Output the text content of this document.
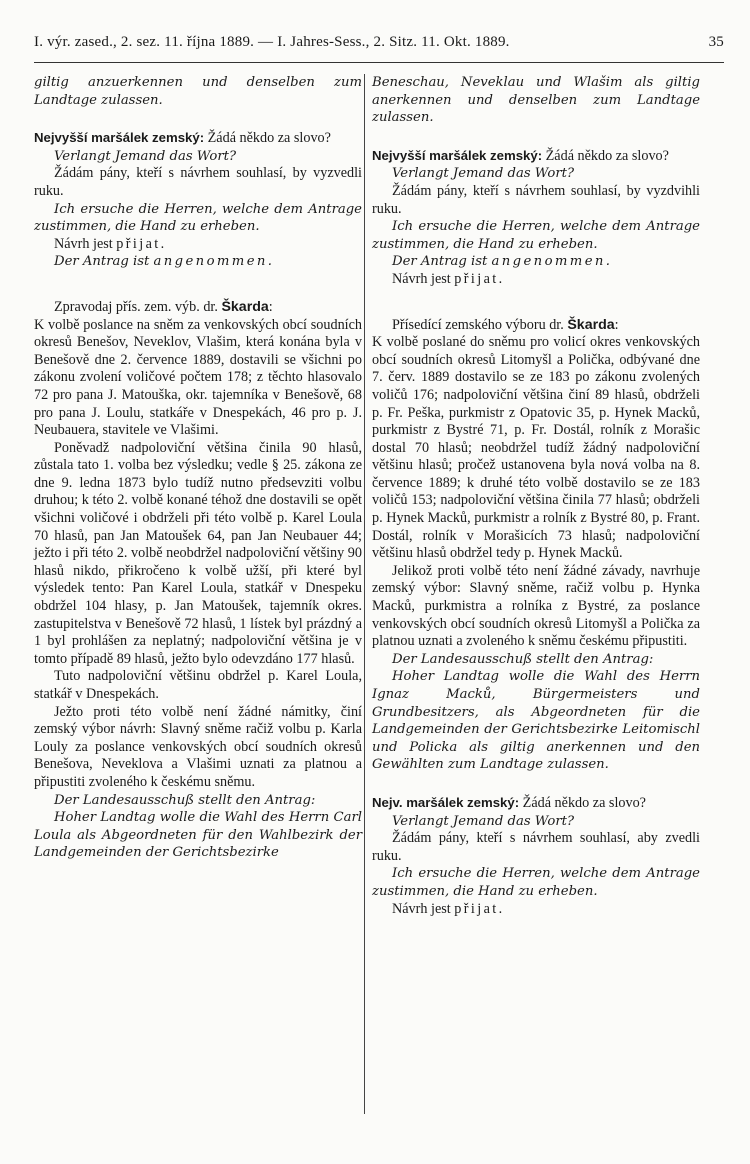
I. výr. zased., 2. sez. 11. října 1889. — I. Jahres-Sess., 2. Sitz. 11. Okt. 1889.	35

giltig anzuerkennen und denselben zum Landtage zulassen.

Nejvyšší maršálek zemský: Žádá někdo za slovo?

Verlangt Jemand das Wort?

Žádám pány, kteří s návrhem souhlasí, by vyzvedli ruku.

Ich ersuche die Herren, welche dem Antrage zustimmen, die Hand zu erheben.

Návrh jest přijat.

Der Antrag ist angenommen.

Zpravodaj přís. zem. výb. dr. Škarda:

K volbě poslance na sněm za venkovských obcí soudních okresů Benešov, Neveklov, Vlašim, která konána byla v Benešově dne 2. července 1889, dostavili se všichni po zákonu zvolení voličové počtem 178; z těchto hlasovalo 72 pro pana J. Matouška, okr. tajemníka v Benešově, 68 pro pana J. Loulu, statkáře v Dnespekách, 46 pro p. J. Neubauera, stavitele ve Vlašimi.

Poněvadž nadpoloviční většina činila 90 hlasů, zůstala tato 1. volba bez výsledku; vedle § 25. zákona ze dne 9. ledna 1873 bylo tudíž nutno předsevziti volbu druhou; k této 2. volbě konané téhož dne dostavili se opět všichni voličové i obdrželi při této volbě p. Karel Loula 70 hlasů, pan Jan Matoušek 64, pan Jan Neubauer 44; ježto i při této 2. volbě neobdržel nadpoloviční většiny 90 hlasů nikdo, přikročeno k volbě užší, při které byl výsledek tento: Pan Karel Loula, statkář v Dnespeku obdržel 104 hlasy, p. Jan Matoušek, tajemník okres. zastupitelstva v Benešově 72 hlasů, 1 lístek byl prázdný a 1 byl prohlášen za neplatný; nadpoloviční většina je v tomto případě 89 hlasů, ježto bylo odevzdáno 177 hlasů.

Tuto nadpoloviční většinu obdržel p. Karel Loula, statkář v Dnespekách.

Ježto proti této volbě není žádné námitky, činí zemský výbor návrh: Slavný sněme račiž volbu p. Karla Louly za poslance venkovských obcí soudních okresů Benešova, Neveklova a Vlašimi uznati za platnou a připustiti zvoleného k českému sněmu.

Der Landesausschuß stellt den Antrag:

Hoher Landtag wolle die Wahl des Herrn Carl Loula als Abgeordneten für den Wahlbezirk der Landgemeinden der Gerichtsbezirke

Beneschau, Neveklau und Wlašim als giltig anerkennen und denselben zum Landtage zulassen.

Nejvyšší maršálek zemský: Žádá někdo za slovo?

Verlangt Jemand das Wort?

Žádám pány, kteří s návrhem souhlasí, by vyzdvihli ruku.

Ich ersuche die Herren, welche dem Antrage zustimmen, die Hand zu erheben.

Der Antrag ist angenommen.

Návrh jest přijat.

Přísedící zemského výboru dr. Škarda:

K volbě poslané do sněmu pro volicí okres venkovských obcí soudních okresů Litomyšl a Polička, odbývané dne 7. červ. 1889 dostavilo se ze 183 po zákonu zvolených voličů 176; nadpoloviční většina činí 89 hlasů, obdrželi p. Fr. Peška, purkmistr z Opatovic 35, p. Hynek Macků, purkmistr z Bystré 71, p. Fr. Dostál, rolník z Morašic dostal 70 hlasů; neobdržel tudíž žádný nadpoloviční většinu hlasů; pročež ustanovena byla nová volba na 8. července 1889; k druhé této volbě dostavilo se ze 183 voličů 153; nadpoloviční většina činila 77 hlasů; obdrželi p. Hynek Macků, purkmistr a rolník z Bystré 80, p. Frant. Dostál, rolník v Morašicích 73 hlasů; nadpoloviční většinu hlasů obdržel tedy p. Hynek Macků.

Jelikož proti volbě této není žádné závady, navrhuje zemský výbor: Slavný sněme, račiž volbu p. Hynka Macků, purkmistra a rolníka z Bystré, za poslance venkovských obcí soudních okresů Litomyšl a Polička za platnou uznati a zvoleného k sněmu českému připustiti.

Der Landesausschuß stellt den Antrag:

Hoher Landtag wolle die Wahl des Herrn Ignaz Macků, Bürgermeisters und Grundbesitzers, als Abgeordneten für die Landgemeinden der Gerichtsbezirke Leitomischl und Policka als giltig anerkennen und den Gewählten zum Landtage zulassen.

Nejv. maršálek zemský: Žádá někdo za slovo?

Verlangt Jemand das Wort?

Žádám pány, kteří s návrhem souhlasí, aby zvedli ruku.

Ich ersuche die Herren, welche dem Antrage zustimmen, die Hand zu erheben.

Návrh jest přijat.
